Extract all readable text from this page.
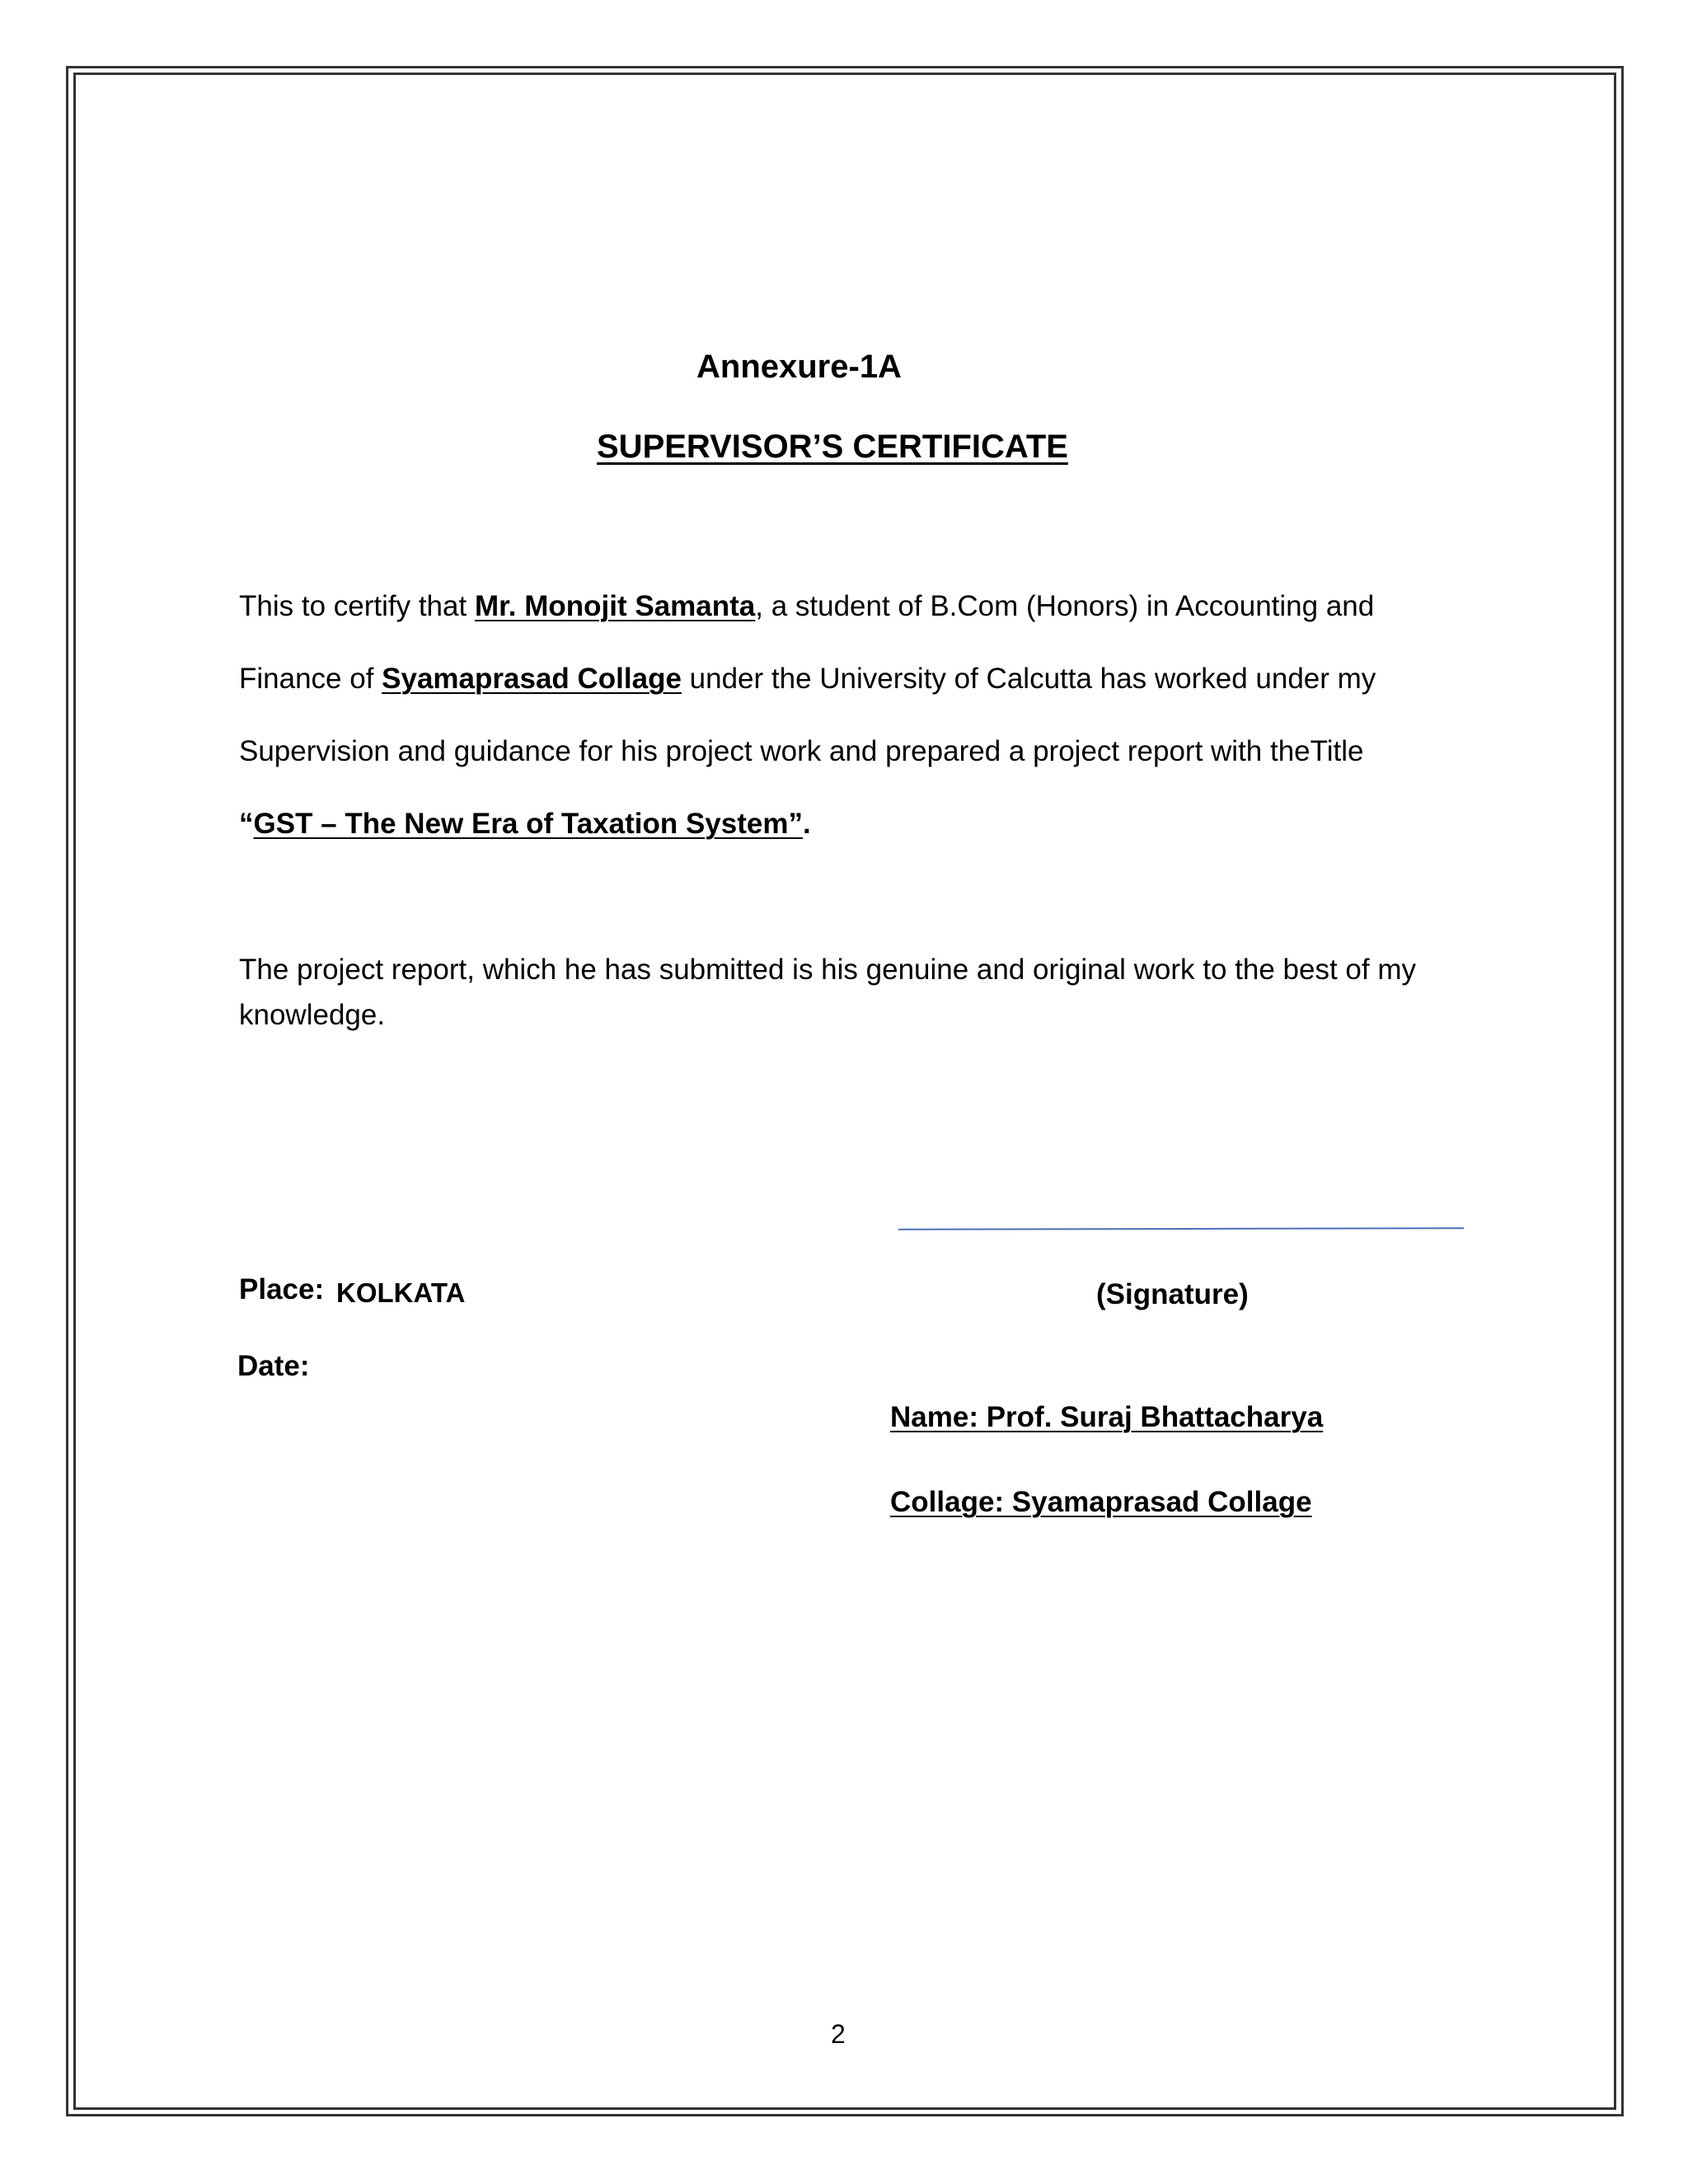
Annexure-1A
SUPERVISOR’S CERTIFICATE
This to certify that Mr. Monojit Samanta, a student of B.Com (Honors) in Accounting and
Finance of Syamaprasad Collage under the University of Calcutta has worked under my
Supervision and guidance for his project work and prepared a project report with theTitle
“GST – The New Era of Taxation System”.
The project report, which he has submitted is his genuine and original work to the best of my
knowledge.
Place: KOLKATA	(Signature)
Date:
Name: Prof. Suraj Bhattacharya
Collage: Syamaprasad Collage
2
